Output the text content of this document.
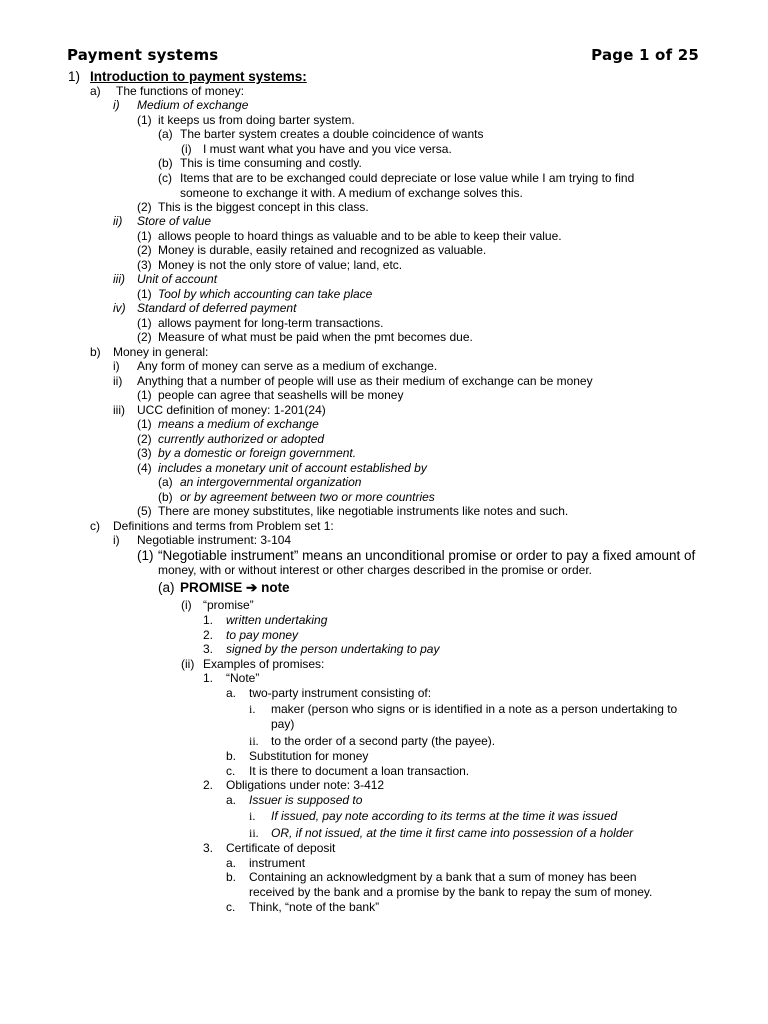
Payment systems	Page 1 of 25
1) Introduction to payment systems:
a) The functions of money:
i) Medium of exchange
(1) it keeps us from doing barter system.
(a) The barter system creates a double coincidence of wants
(i) I must want what you have and you vice versa.
(b) This is time consuming and costly.
(c) Items that are to be exchanged could depreciate or lose value while I am trying to find
someone to exchange it with. A medium of exchange solves this.
(2) This is the biggest concept in this class.
ii) Store of value
(1) allows people to hoard things as valuable and to be able to keep their value.
(2) Money is durable, easily retained and recognized as valuable.
(3) Money is not the only store of value; land, etc.
iii) Unit of account
(1) Tool by which accounting can take place
iv) Standard of deferred payment
(1) allows payment for long-term transactions.
(2) Measure of what must be paid when the pmt becomes due.
b) Money in general:
i) Any form of money can serve as a medium of exchange.
ii) Anything that a number of people will use as their medium of exchange can be money
(1) people can agree that seashells will be money
iii) UCC definition of money: 1-201(24)
(1) means a medium of exchange
(2) currently authorized or adopted
(3) by a domestic or foreign government.
(4) includes a monetary unit of account established by
(a) an intergovernmental organization
(b) or by agreement between two or more countries
(5) There are money substitutes, like negotiable instruments like notes and such.
c) Definitions and terms from Problem set 1:
i) Negotiable instrument: 3-104
(1) “Negotiable instrument” means an unconditional promise or order to pay a fixed amount of
money, with or without interest or other charges described in the promise or order.
(a) PROMISE ➔ note
(i) “promise”
1. written undertaking
2. to pay money
3. signed by the person undertaking to pay
(ii) Examples of promises:
1. “Note”
a. two-party instrument consisting of:
i. maker (person who signs or is identified in a note as a person undertaking to
pay)
ii. to the order of a second party (the payee).
b. Substitution for money
c. It is there to document a loan transaction.
2. Obligations under note: 3-412
a. Issuer is supposed to
i. If issued, pay note according to its terms at the time it was issued
ii. OR, if not issued, at the time it first came into possession of a holder
3. Certificate of deposit
a. instrument
b. Containing an acknowledgment by a bank that a sum of money has been
received by the bank and a promise by the bank to repay the sum of money.
c. Think, “note of the bank”
